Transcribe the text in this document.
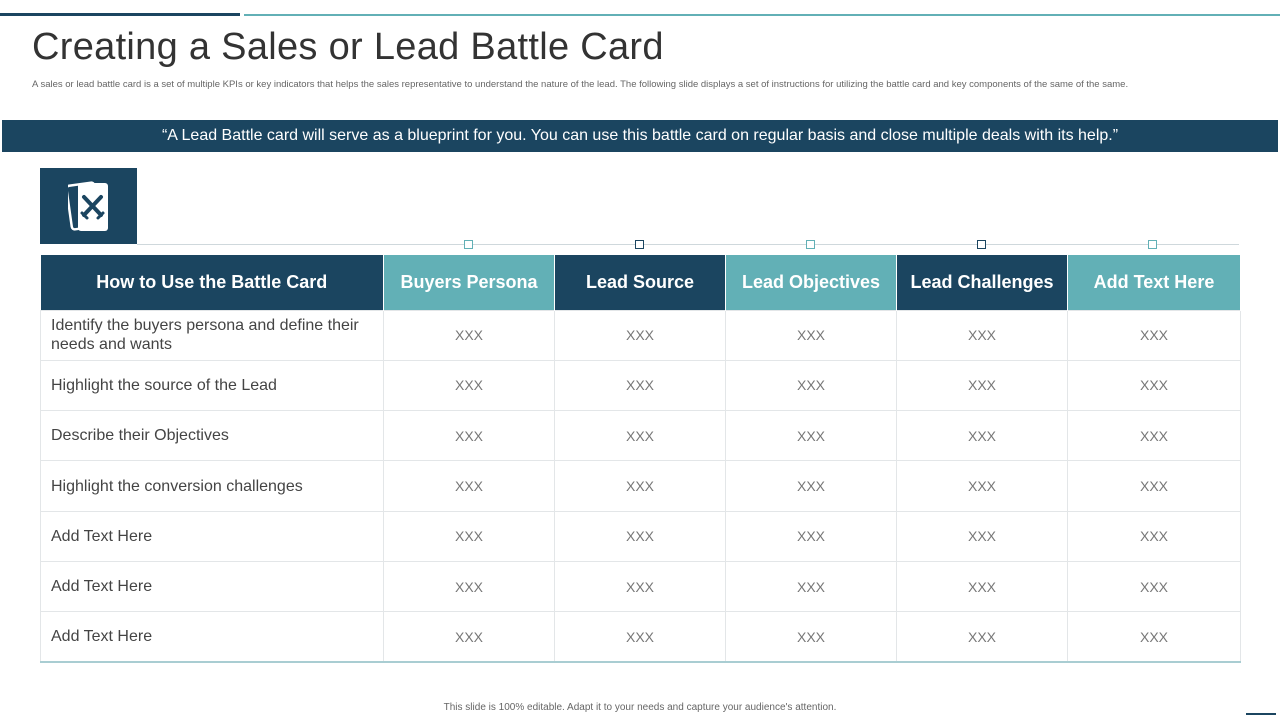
Creating a Sales or Lead Battle Card

A sales or lead battle card is a set of multiple KPIs or key indicators that helps the sales representative to understand the nature of the lead. The following slide displays a set of instructions for utilizing the battle card and key components of the same of the same.

“A Lead Battle card will serve as a blueprint for you. You can use this battle card on regular basis and close multiple deals with its help.”
How to Use the Battle Card	Buyers Persona	Lead Source	Lead Objectives	Lead Challenges	Add Text Here
Identify the buyers persona and define their needs and wants	XXX	XXX	XXX	XXX	XXX
Highlight the source of the Lead	XXX	XXX	XXX	XXX	XXX
Describe their Objectives	XXX	XXX	XXX	XXX	XXX
Highlight the conversion challenges	XXX	XXX	XXX	XXX	XXX
Add Text Here	XXX	XXX	XXX	XXX	XXX
Add Text Here	XXX	XXX	XXX	XXX	XXX
Add Text Here	XXX	XXX	XXX	XXX	XXX
This slide is 100% editable. Adapt it to your needs and capture your audience's attention.
